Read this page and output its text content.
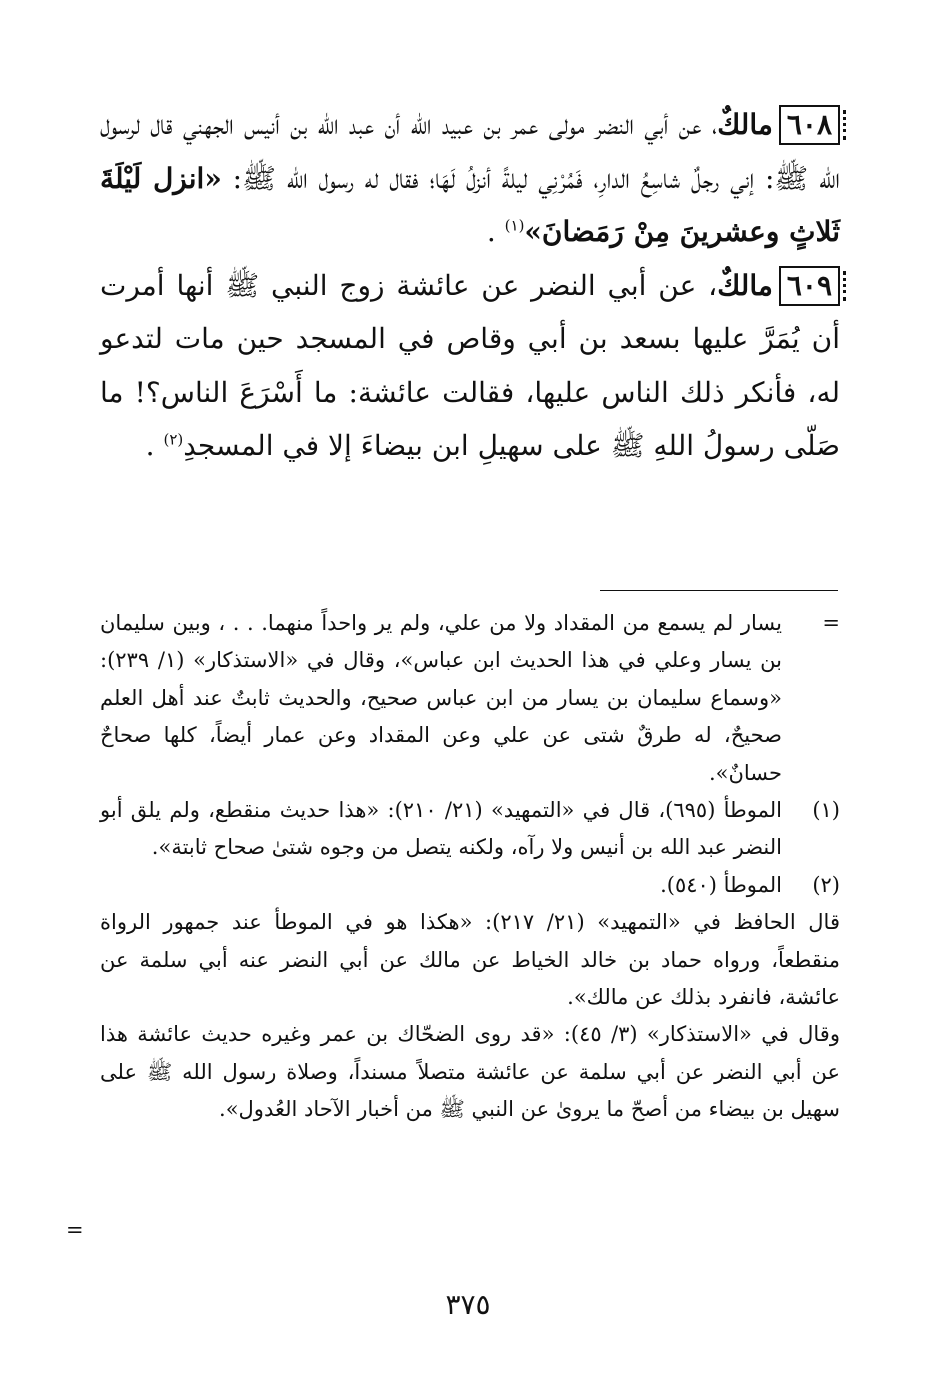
٦٠٨مالكٌ، عن أبي النضر مولى عمر بن عبيد الله أن عبد الله بن أنيس الجهني قال لرسول الله ﷺ: إني رجلٌ شاسِعُ الدارِ، فَمُرْنِي ليلةً أنزلُ لَهَا؛ فقال له رسول الله ﷺ: «انزل لَيْلَةَ ثَلاثٍ وعشرينَ مِنْ رَمَضانَ»$^{(١)}$ .

٦٠٩مالكٌ، عن أبي النضر عن عائشة زوج النبي ﷺ أنها أمرت أن يُمَرَّ عليها بسعد بن أبي وقاص في المسجد حين مات لتدعو له، فأنكر ذلك الناس عليها، فقالت عائشة: ما أَسْرَعَ الناس؟! ما صَلّى رسولُ اللهِ ﷺ على سهيلِ ابن بيضاءَ إلا في المسجدِ$^{(٢)}$ .

=
يسار لم يسمع من المقداد ولا من علي، ولم ير واحداً منهما. . . ، وبين سليمان بن يسار وعلي في هذا الحديث ابن عباس»، وقال في «الاستذكار» (١/ ٢٣٩): «وسماع سليمان بن يسار من ابن عباس صحيح، والحديث ثابتٌ عند أهل العلم صحيحٌ، له طرقٌ شتى عن علي وعن المقداد وعن عمار أيضاً، كلها صحاحٌ حسانٌ».
(١)
الموطأ (٦٩٥)، قال في «التمهيد» (٢١/ ٢١٠): «هذا حديث منقطع، ولم يلق أبو النضر عبد الله بن أنيس ولا رآه، ولكنه يتصل من وجوه شتىٰ صحاح ثابتة».
(٢)
الموطأ (٥٤٠).
قال الحافظ في «التمهيد» (٢١/ ٢١٧): «هكذا هو في الموطأ عند جمهور الرواة منقطعاً، ورواه حماد بن خالد الخياط عن مالك عن أبي النضر عنه أبي سلمة عن عائشة، فانفرد بذلك عن مالك».
وقال في «الاستذكار» (٣/ ٤٥): «قد روى الضحّاك بن عمر وغيره حديث عائشة هذا عن أبي النضر عن أبي سلمة عن عائشة متصلاً مسنداً، وصلاة رسول الله ﷺ على سهيل بن بيضاء من أصحّ ما يروىٰ عن النبي ﷺ من أخبار الآحاد العُدول».
=
٣٧٥
